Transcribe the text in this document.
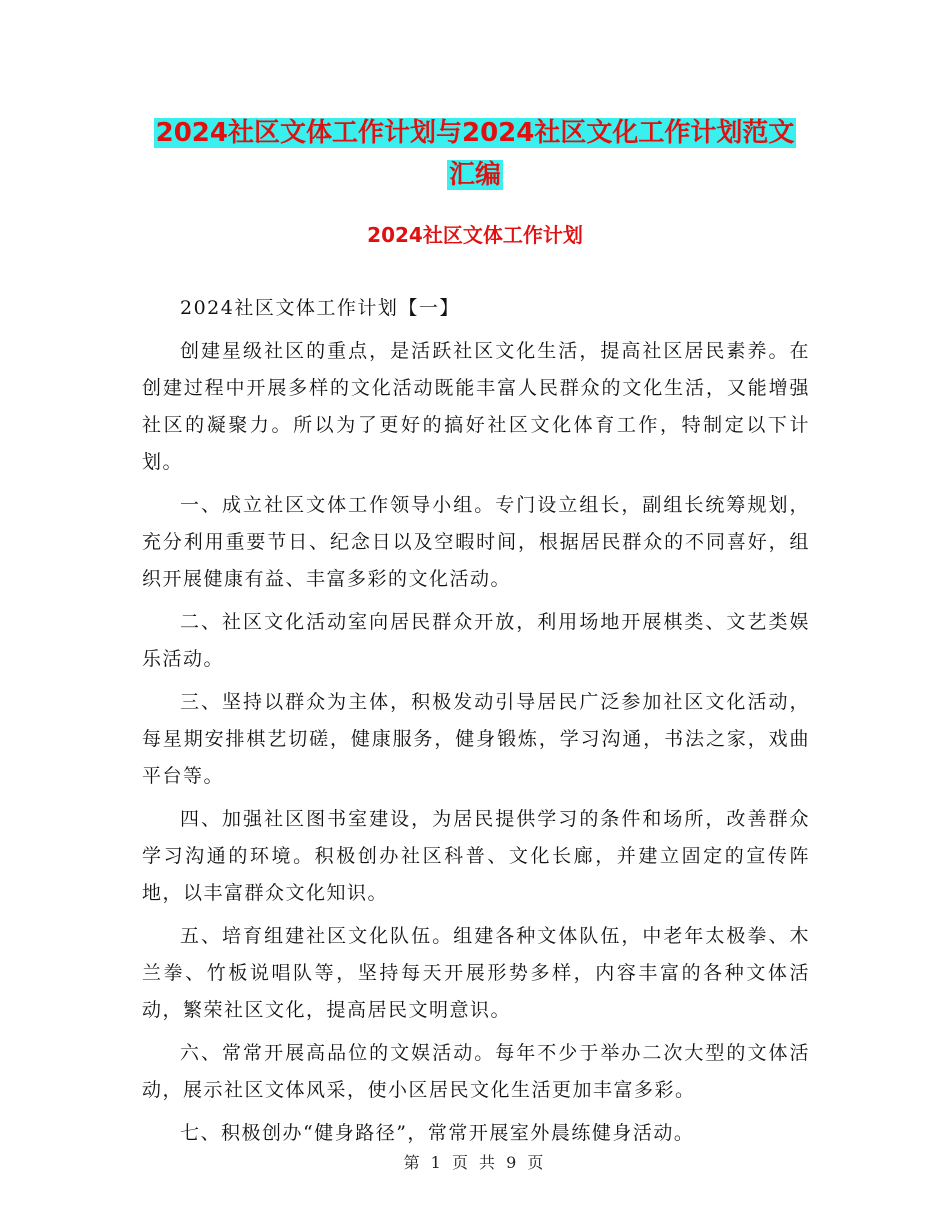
2024社区文体工作计划与2024社区文化工作计划范文
汇编
2024社区文体工作计划

2024社区文体工作计划【一】

创建星级社区的重点，是活跃社区文化生活，提高社区居民素养。在创建过程中开展多样的文化活动既能丰富人民群众的文化生活，又能增强社区的凝聚力。所以为了更好的搞好社区文化体育工作，特制定以下计划。

一、成立社区文体工作领导小组。专门设立组长，副组长统筹规划，充分利用重要节日、纪念日以及空暇时间，根据居民群众的不同喜好，组织开展健康有益、丰富多彩的文化活动。

二、社区文化活动室向居民群众开放，利用场地开展棋类、文艺类娱乐活动。

三、坚持以群众为主体，积极发动引导居民广泛参加社区文化活动，每星期安排棋艺切磋，健康服务，健身锻炼，学习沟通，书法之家，戏曲平台等。

四、加强社区图书室建设，为居民提供学习的条件和场所，改善群众学习沟通的环境。积极创办社区科普、文化长廊，并建立固定的宣传阵地，以丰富群众文化知识。

五、培育组建社区文化队伍。组建各种文体队伍，中老年太极拳、木兰拳、竹板说唱队等，坚持每天开展形势多样，内容丰富的各种文体活动，繁荣社区文化，提高居民文明意识。

六、常常开展高品位的文娱活动。每年不少于举办二次大型的文体活动，展示社区文体风采，使小区居民文化生活更加丰富多彩。

七、积极创办“健身路径”，常常开展室外晨练健身活动。

第 1 页 共 9 页
